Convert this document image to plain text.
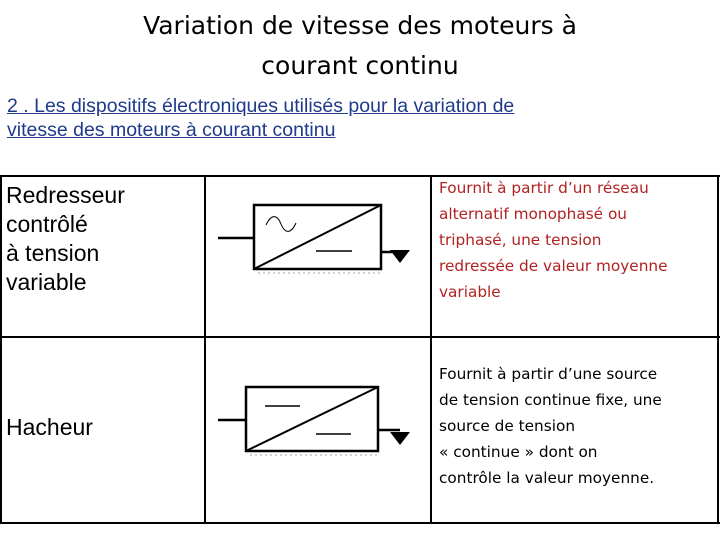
Variation de vitesse des moteurs à
courant continu
2 . Les dispositifs électroniques utilisés pour la variation de
vitesse des moteurs à courant continu
Redresseur
contrôlé
à tension
variable
Fournit à partir d’un réseau
alternatif monophasé ou
triphasé, une tension
redressée de valeur moyenne
variable
Hacheur
Fournit à partir d’une source
de tension continue fixe, une
source de tension
« continue » dont on
contrôle la valeur moyenne.
